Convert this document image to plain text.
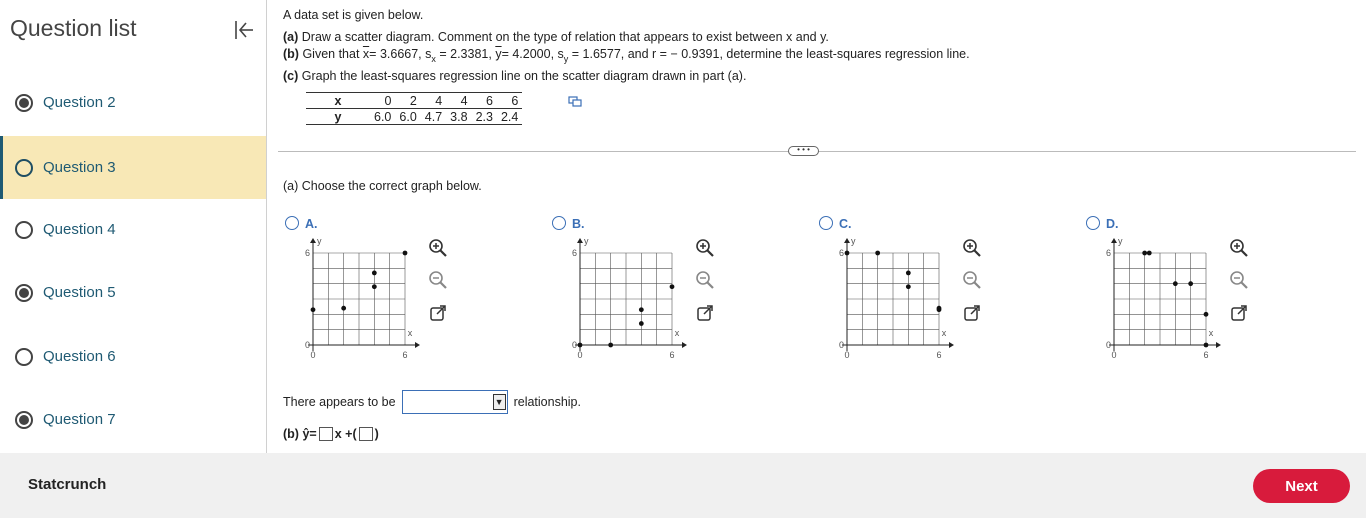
Question list
Question 2
Question 3
Question 4
Question 5
Question 6
Question 7
A data set is given below.
(a) Draw a scatter diagram. Comment on the type of relation that appears to exist between x and y.
(b) Given that $\overline{x}= 3.6667$, $s_x = 2.3381$, $\overline{y}= 4.2000$, $s_y = 1.6577$, and r = − 0.9391, determine the least-squares regression line.
(c) Graph the least-squares regression line on the scatter diagram drawn in part (a).
x	0	2	4	4	6	6
y	6.0	6.0	4.7	3.8	2.3	2.4
• • •
(a) Choose the correct graph below.
A.
y
6
0
x
0	6
B.
y
6
0
x
0	6
C.
y
6
0
x
0	6
D.
y
6
0
x
0	6
There appears to be	▼ relationship.
(b)
ŷ = x + ( )
Statcrunch	Next
